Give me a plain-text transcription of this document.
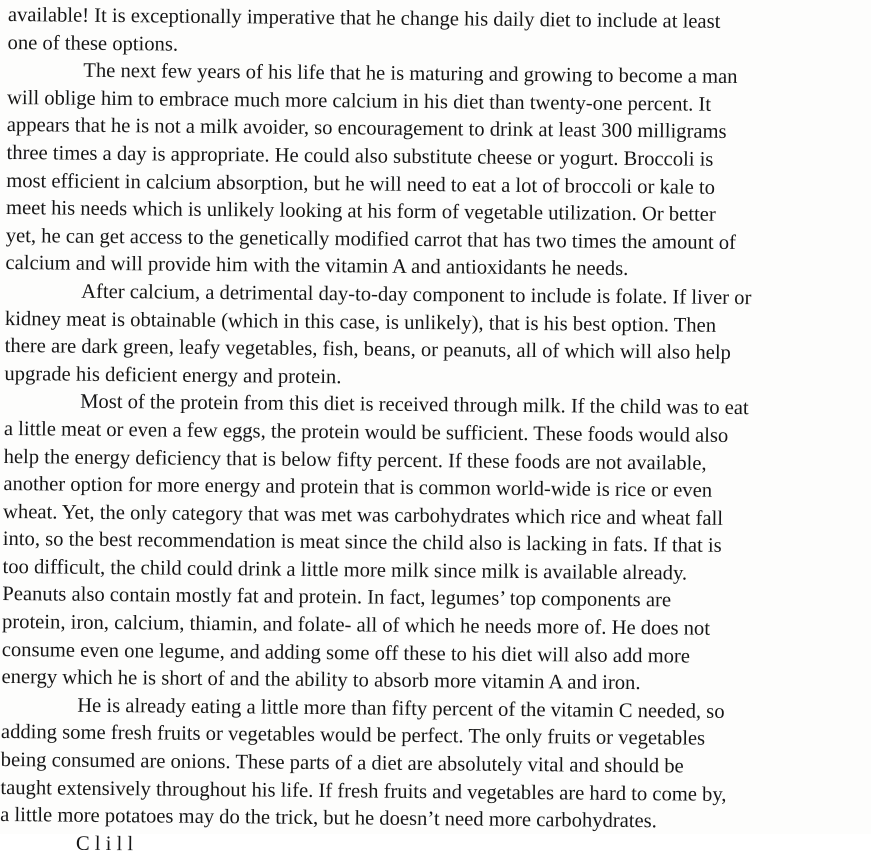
available! It is exceptionally imperative that he change his daily diet to include at least
one of these options.
The next few years of his life that he is maturing and growing to become a man
will oblige him to embrace much more calcium in his diet than twenty-one percent. It
appears that he is not a milk avoider, so encouragement to drink at least 300 milligrams
three times a day is appropriate. He could also substitute cheese or yogurt. Broccoli is
most efficient in calcium absorption, but he will need to eat a lot of broccoli or kale to
meet his needs which is unlikely looking at his form of vegetable utilization. Or better
yet, he can get access to the genetically modified carrot that has two times the amount of
calcium and will provide him with the vitamin A and antioxidants he needs.
After calcium, a detrimental day-to-day component to include is folate. If liver or
kidney meat is obtainable (which in this case, is unlikely), that is his best option. Then
there are dark green, leafy vegetables, fish, beans, or peanuts, all of which will also help
upgrade his deficient energy and protein.
Most of the protein from this diet is received through milk. If the child was to eat
a little meat or even a few eggs, the protein would be sufficient. These foods would also
help the energy deficiency that is below fifty percent. If these foods are not available,
another option for more energy and protein that is common world-wide is rice or even
wheat. Yet, the only category that was met was carbohydrates which rice and wheat fall
into, so the best recommendation is meat since the child also is lacking in fats. If that is
too difficult, the child could drink a little more milk since milk is available already.
Peanuts also contain mostly fat and protein. In fact, legumes’ top components are
protein, iron, calcium, thiamin, and folate- all of which he needs more of. He does not
consume even one legume, and adding some off these to his diet will also add more
energy which he is short of and the ability to absorb more vitamin A and iron.
He is already eating a little more than fifty percent of the vitamin C needed, so
adding some fresh fruits or vegetables would be perfect. The only fruits or vegetables
being consumed are onions. These parts of a diet are absolutely vital and should be
taught extensively throughout his life. If fresh fruits and vegetables are hard to come by,
a little more potatoes may do the trick, but he doesn’t need more carbohydrates.
C l i l l
